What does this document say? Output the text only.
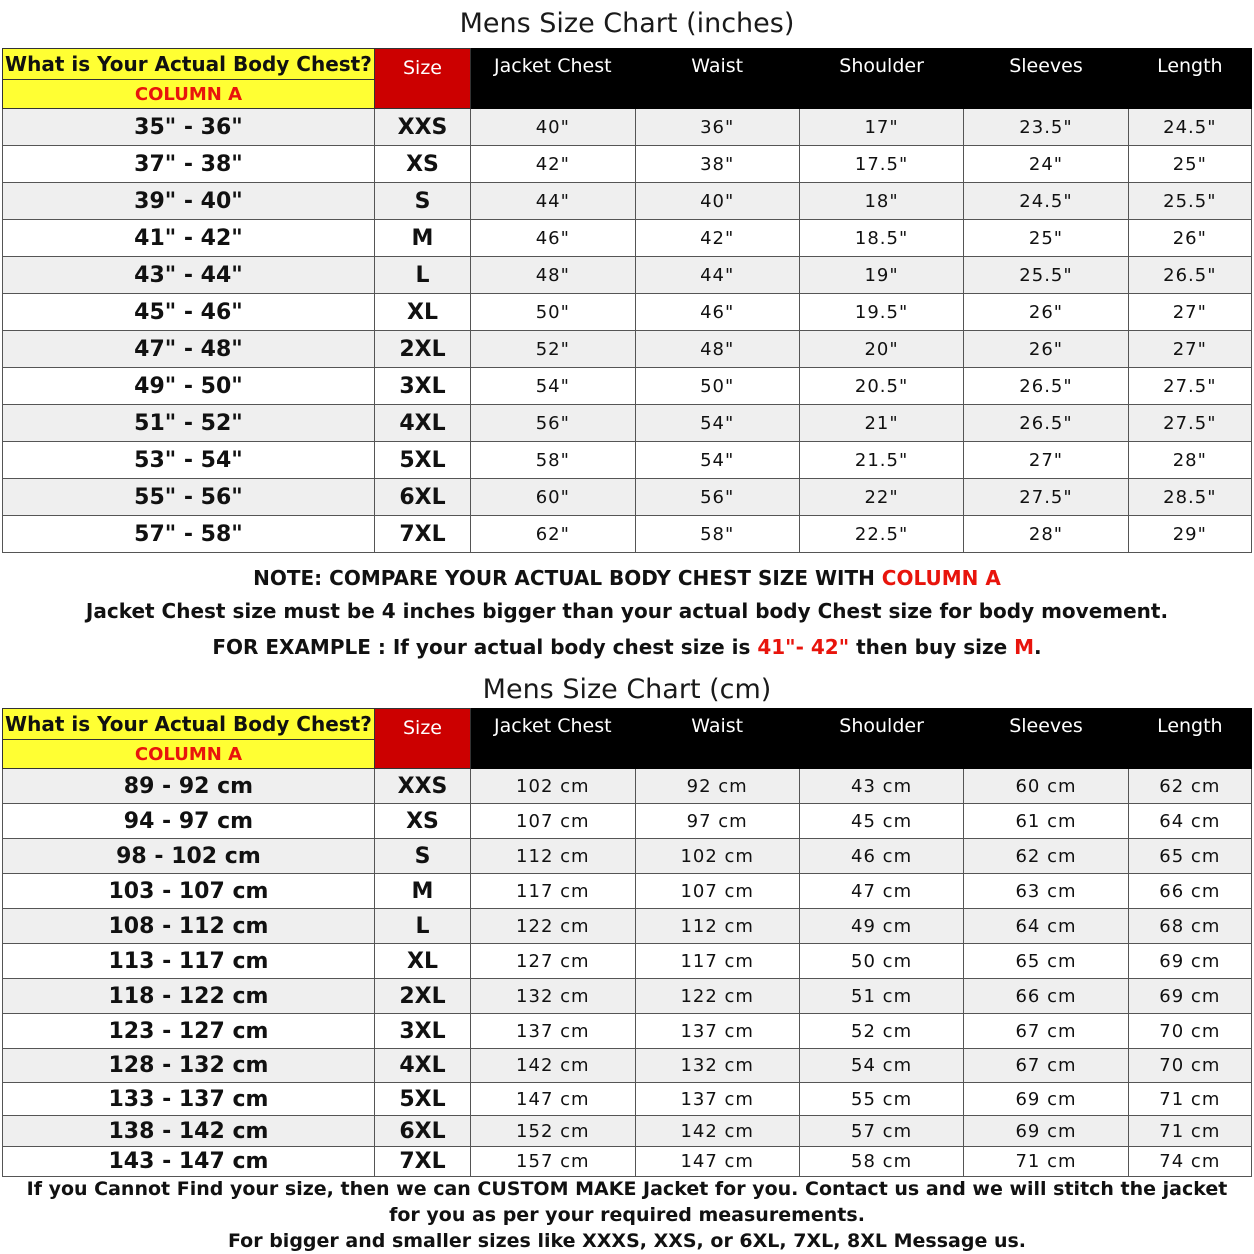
Mens Size Chart (inches)
What is Your Actual Body Chest?	Size	Jacket Chest	Waist	Shoulder	Sleeves	Length
COLUMN A						
35" - 36"	XXS	40"	36"	17"	23.5"	24.5"
37" - 38"	XS	42"	38"	17.5"	24"	25"
39" - 40"	S	44"	40"	18"	24.5"	25.5"
41" - 42"	M	46"	42"	18.5"	25"	26"
43" - 44"	L	48"	44"	19"	25.5"	26.5"
45" - 46"	XL	50"	46"	19.5"	26"	27"
47" - 48"	2XL	52"	48"	20"	26"	27"
49" - 50"	3XL	54"	50"	20.5"	26.5"	27.5"
51" - 52"	4XL	56"	54"	21"	26.5"	27.5"
53" - 54"	5XL	58"	54"	21.5"	27"	28"
55" - 56"	6XL	60"	56"	22"	27.5"	28.5"
57" - 58"	7XL	62"	58"	22.5"	28"	29"
NOTE: COMPARE YOUR ACTUAL BODY CHEST SIZE WITH COLUMN A
Jacket Chest size must be 4 inches bigger than your actual body Chest size for body movement.
FOR EXAMPLE : If your actual body chest size is 41"- 42" then buy size M.
Mens Size Chart (cm)
What is Your Actual Body Chest?	Size	Jacket Chest	Waist	Shoulder	Sleeves	Length
COLUMN A						
89 - 92 cm	XXS	102 cm	92 cm	43 cm	60 cm	62 cm
94 - 97 cm	XS	107 cm	97 cm	45 cm	61 cm	64 cm
98 - 102 cm	S	112 cm	102 cm	46 cm	62 cm	65 cm
103 - 107 cm	M	117 cm	107 cm	47 cm	63 cm	66 cm
108 - 112 cm	L	122 cm	112 cm	49 cm	64 cm	68 cm
113 - 117 cm	XL	127 cm	117 cm	50 cm	65 cm	69 cm
118 - 122 cm	2XL	132 cm	122 cm	51 cm	66 cm	69 cm
123 - 127 cm	3XL	137 cm	137 cm	52 cm	67 cm	70 cm
128 - 132 cm	4XL	142 cm	132 cm	54 cm	67 cm	70 cm
133 - 137 cm	5XL	147 cm	137 cm	55 cm	69 cm	71 cm
138 - 142 cm	6XL	152 cm	142 cm	57 cm	69 cm	71 cm
143 - 147 cm	7XL	157 cm	147 cm	58 cm	71 cm	74 cm
If you Cannot Find your size, then we can CUSTOM MAKE Jacket for you. Contact us and we will stitch the jacket
for you as per your required measurements.
For bigger and smaller sizes like XXXS, XXS, or 6XL, 7XL, 8XL Message us.
